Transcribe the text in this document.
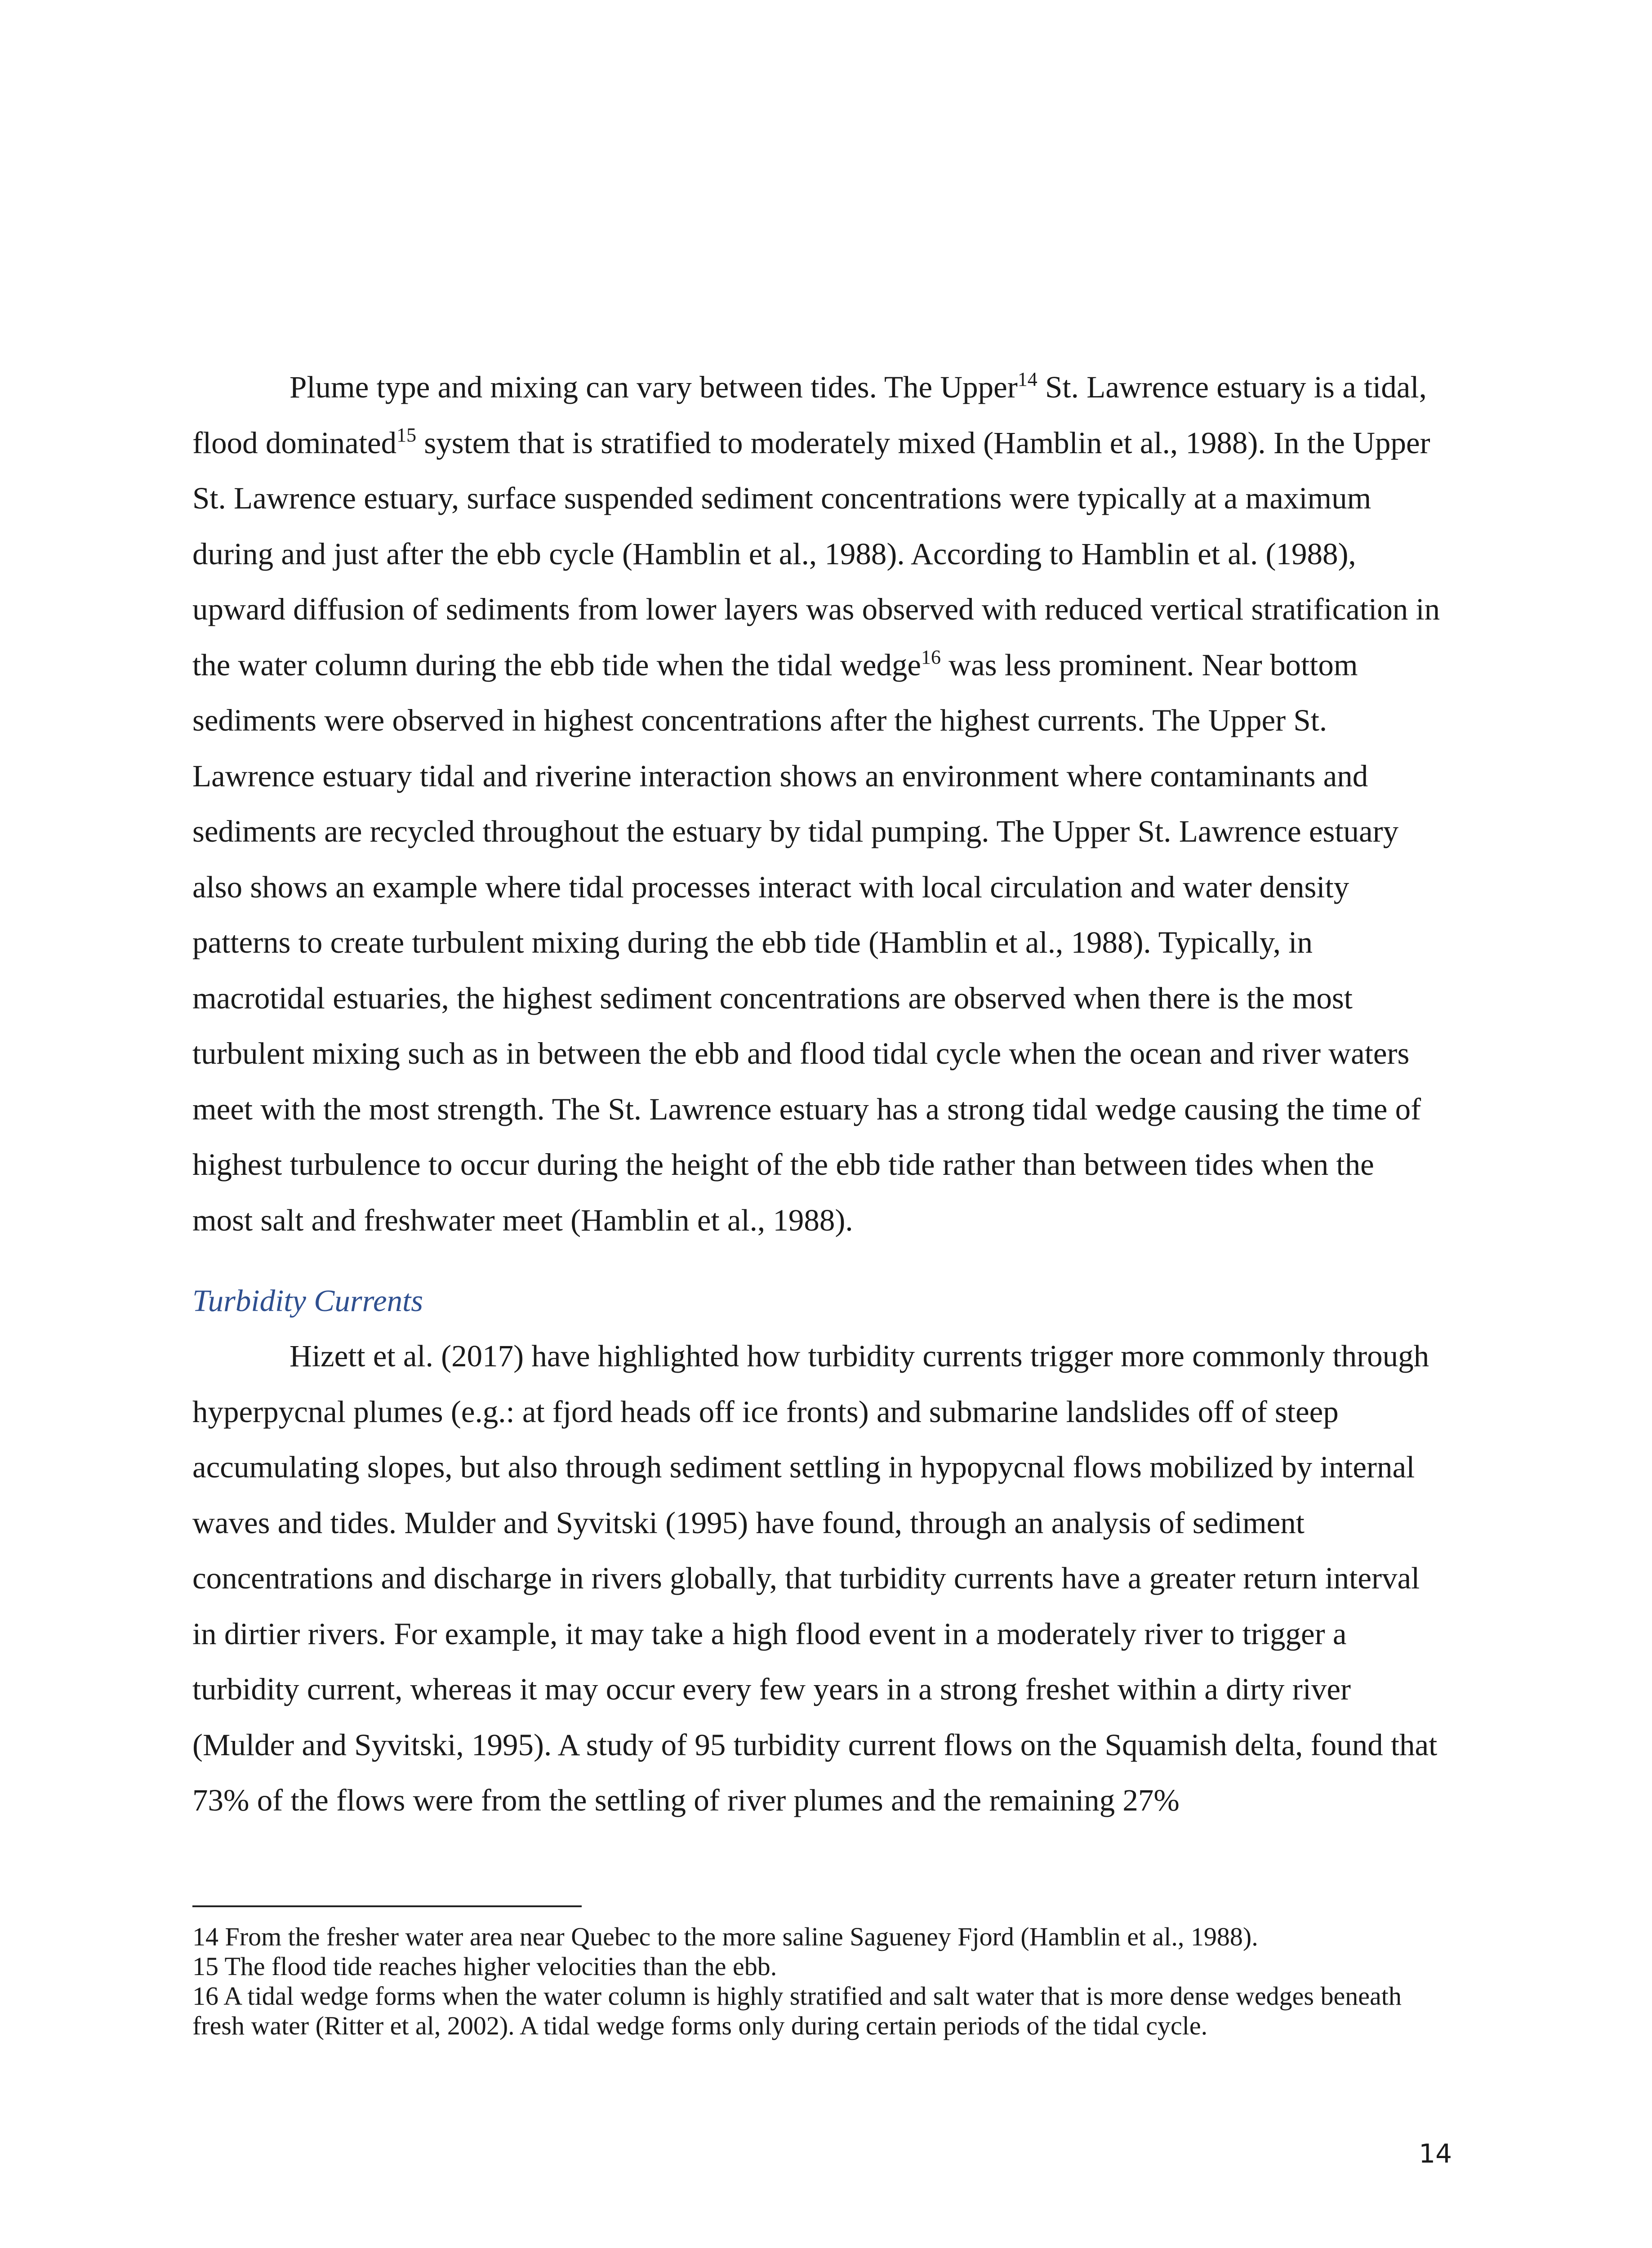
Plume type and mixing can vary between tides. The Upper$^{14}$ St. Lawrence estuary is a tidal, flood dominated$^{15}$ system that is stratified to moderately mixed (Hamblin et al., 1988). In the Upper St. Lawrence estuary, surface suspended sediment concentrations were typically at a maximum during and just after the ebb cycle (Hamblin et al., 1988). According to Hamblin et al. (1988), upward diffusion of sediments from lower layers was observed with reduced vertical stratification in the water column during the ebb tide when the tidal wedge$^{16}$ was less prominent. Near bottom sediments were observed in highest concentrations after the highest currents. The Upper St. Lawrence estuary tidal and riverine interaction shows an environment where contaminants and sediments are recycled throughout the estuary by tidal pumping. The Upper St. Lawrence estuary also shows an example where tidal processes interact with local circulation and water density patterns to create turbulent mixing during the ebb tide (Hamblin et al., 1988). Typically, in macrotidal estuaries, the highest sediment concentrations are observed when there is the most turbulent mixing such as in between the ebb and flood tidal cycle when the ocean and river waters meet with the most strength. The St. Lawrence estuary has a strong tidal wedge causing the time of highest turbulence to occur during the height of the ebb tide rather than between tides when the most salt and freshwater meet (Hamblin et al., 1988).

Turbidity Currents

Hizett et al. (2017) have highlighted how turbidity currents trigger more commonly through hyperpycnal plumes (e.g.: at fjord heads off ice fronts) and submarine landslides off of steep accumulating slopes, but also through sediment settling in hypopycnal flows mobilized by internal waves and tides. Mulder and Syvitski (1995) have found, through an analysis of sediment concentrations and discharge in rivers globally, that turbidity currents have a greater return interval in dirtier rivers. For example, it may take a high flood event in a moderately river to trigger a turbidity current, whereas it may occur every few years in a strong freshet within a dirty river (Mulder and Syvitski, 1995). A study of 95 turbidity current flows on the Squamish delta, found that 73% of the flows were from the settling of river plumes and the remaining 27%

14 From the fresher water area near Quebec to the more saline Sagueney Fjord (Hamblin et al., 1988).

15 The flood tide reaches higher velocities than the ebb.

16 A tidal wedge forms when the water column is highly stratified and salt water that is more dense wedges beneath fresh water (Ritter et al, 2002). A tidal wedge forms only during certain periods of the tidal cycle.

14
